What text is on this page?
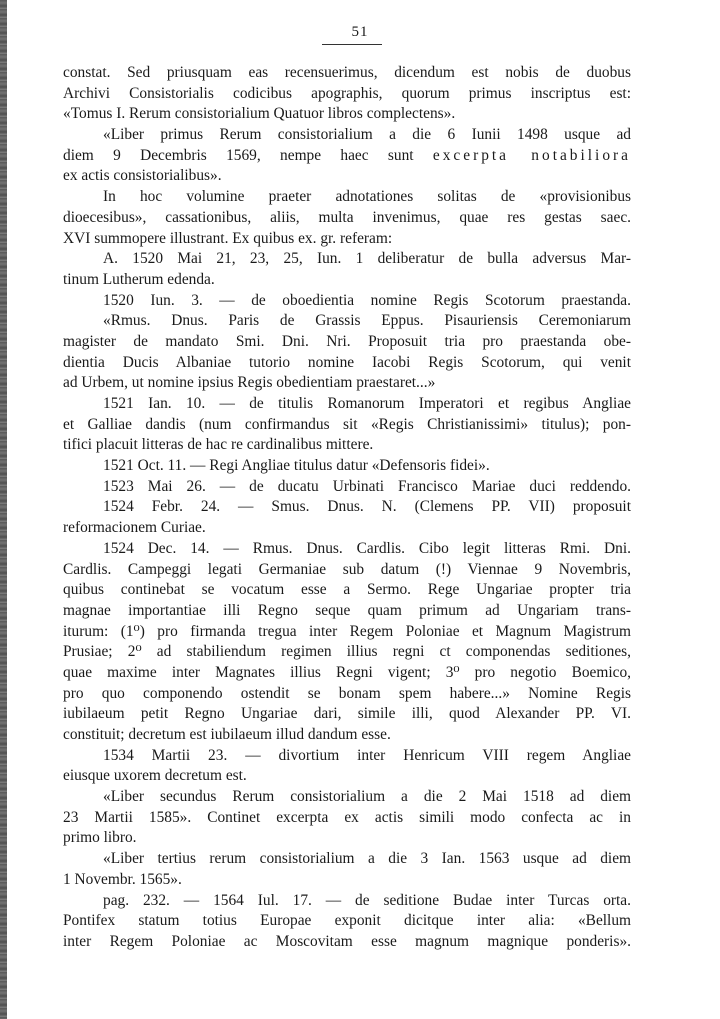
51
constat. Sed priusquam eas recensuerimus, dicendum est nobis de duobus
Archivi Consistorialis codicibus apographis, quorum primus inscriptus est:
«Tomus I. Rerum consistorialium Quatuor libros complectens».
«Liber primus Rerum consistorialium a die 6 Iunii 1498 usque ad
diem 9 Decembris 1569, nempe haec sunt excerpta notabiliora
ex actis consistorialibus».
In hoc volumine praeter adnotationes solitas de «provisionibus
dioecesibus», cassationibus, aliis, multa invenimus, quae res gestas saec.
XVI summopere illustrant. Ex quibus ex. gr. referam:
A. 1520 Mai 21, 23, 25, Iun. 1 deliberatur de bulla adversus Mar-
tinum Lutherum edenda.
1520 Iun. 3. — de oboedientia nomine Regis Scotorum praestanda.
«Rmus. Dnus. Paris de Grassis Eppus. Pisauriensis Ceremoniarum
magister de mandato Smi. Dni. Nri. Proposuit tria pro praestanda obe-
dientia Ducis Albaniae tutorio nomine Iacobi Regis Scotorum, qui venit
ad Urbem, ut nomine ipsius Regis obedientiam praestaret...»
1521 Ian. 10. — de titulis Romanorum Imperatori et regibus Angliae
et Galliae dandis (num confirmandus sit «Regis Christianissimi» titulus); pon-
tifici placuit litteras de hac re cardinalibus mittere.
1521 Oct. 11. — Regi Angliae titulus datur «Defensoris fidei».
1523 Mai 26. — de ducatu Urbinati Francisco Mariae duci reddendo.
1524 Febr. 24. — Smus. Dnus. N. (Clemens PP. VII) proposuit
reformacionem Curiae.
1524 Dec. 14. — Rmus. Dnus. Cardlis. Cibo legit litteras Rmi. Dni.
Cardlis. Campeggi legati Germaniae sub datum (!) Viennae 9 Novembris,
quibus continebat se vocatum esse a Sermo. Rege Ungariae propter tria
magnae importantiae illi Regno seque quam primum ad Ungariam trans-
iturum: (1⁰) pro firmanda tregua inter Regem Poloniae et Magnum Magistrum
Prusiae; 2⁰ ad stabiliendum regimen illius regni ct componendas seditiones,
quae maxime inter Magnates illius Regni vigent; 3⁰ pro negotio Boemico,
pro quo componendo ostendit se bonam spem habere...» Nomine Regis
iubilaeum petit Regno Ungariae dari, simile illi, quod Alexander PP. VI.
constituit; decretum est iubilaeum illud dandum esse.
1534 Martii 23. — divortium inter Henricum VIII regem Angliae
eiusque uxorem decretum est.
«Liber secundus Rerum consistorialium a die 2 Mai 1518 ad diem
23 Martii 1585». Continet excerpta ex actis simili modo confecta ac in
primo libro.
«Liber tertius rerum consistorialium a die 3 Ian. 1563 usque ad diem
1 Novembr. 1565».
pag. 232. — 1564 Iul. 17. — de seditione Budae inter Turcas orta.
Pontifex statum totius Europae exponit dicitque inter alia: «Bellum
inter Regem Poloniae ac Moscovitam esse magnum magnique ponderis».
